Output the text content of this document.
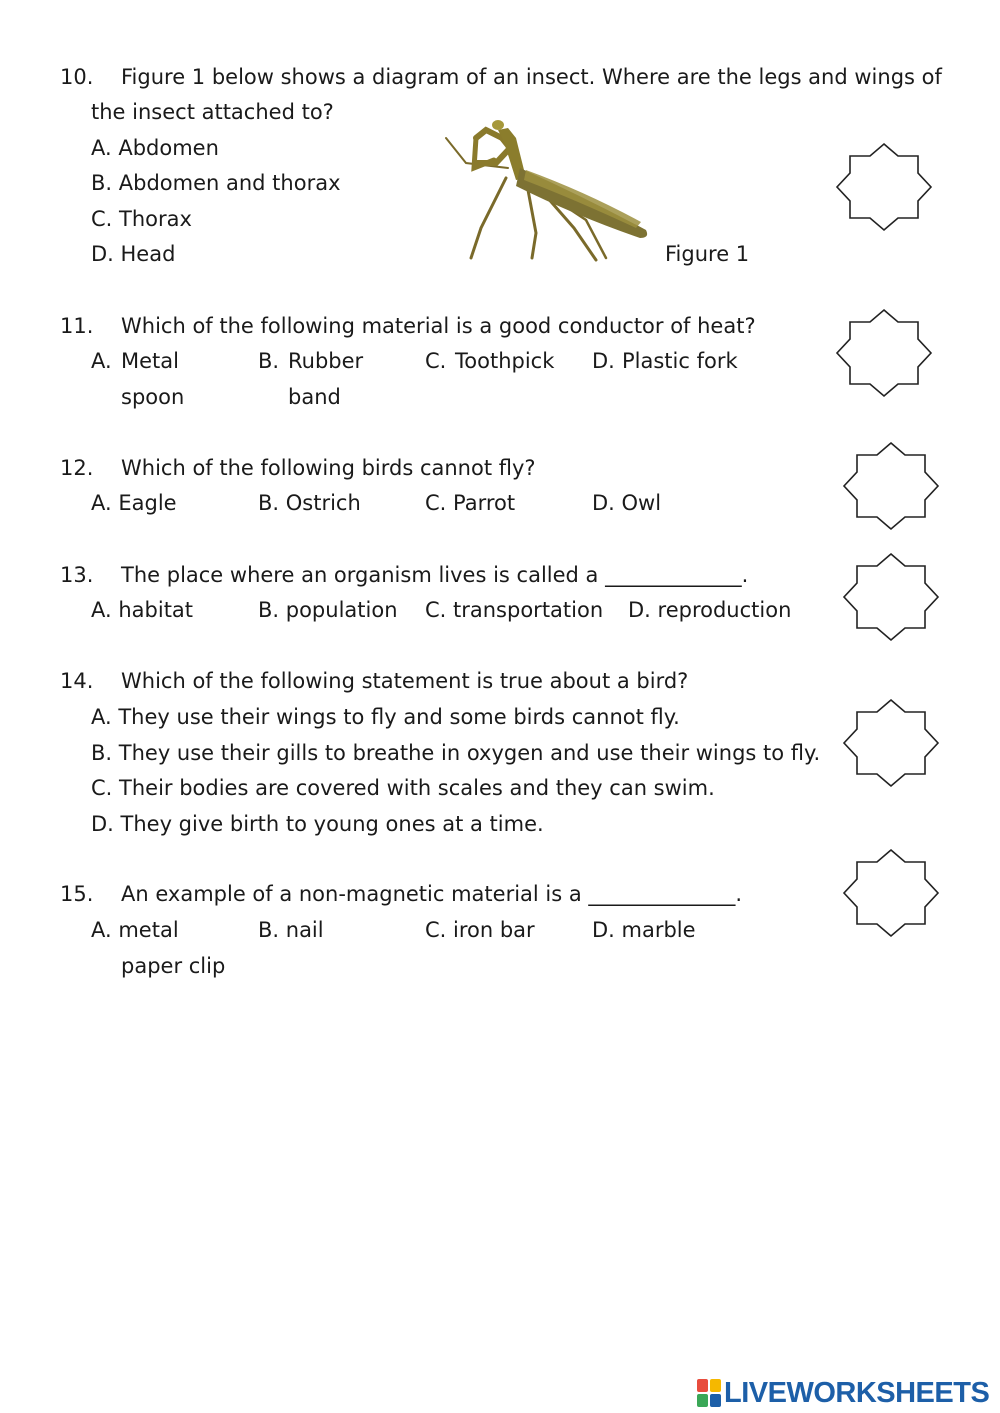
10. Figure 1 below shows a diagram of an insect. Where are the legs and wings of

the insect attached to?

A. Abdomen

B. Abdomen and thorax

C. Thorax

D. Head	Figure 1

11. Which of the following material is a good conductor of heat?

A. Metal

spoon

B. Rubber

band

C. Toothpick D. Plastic fork

12. Which of the following birds cannot fly?

A. Eagle	B. Ostrich	C. Parrot	D. Owl

13. The place where an organism lives is called a _____________.

A. habitat	B. population C. transportation D. reproduction

14. Which of the following statement is true about a bird?

A. They use their wings to fly and some birds cannot fly.

B. They use their gills to breathe in oxygen and use their wings to fly.

C. Their bodies are covered with scales and they can swim.

D. They give birth to young ones at a time.

15. An example of a non-magnetic material is a ______________.

A. metal

paper clip

B. nail	C. iron bar	D. marble

LIVEWORKSHEETS
